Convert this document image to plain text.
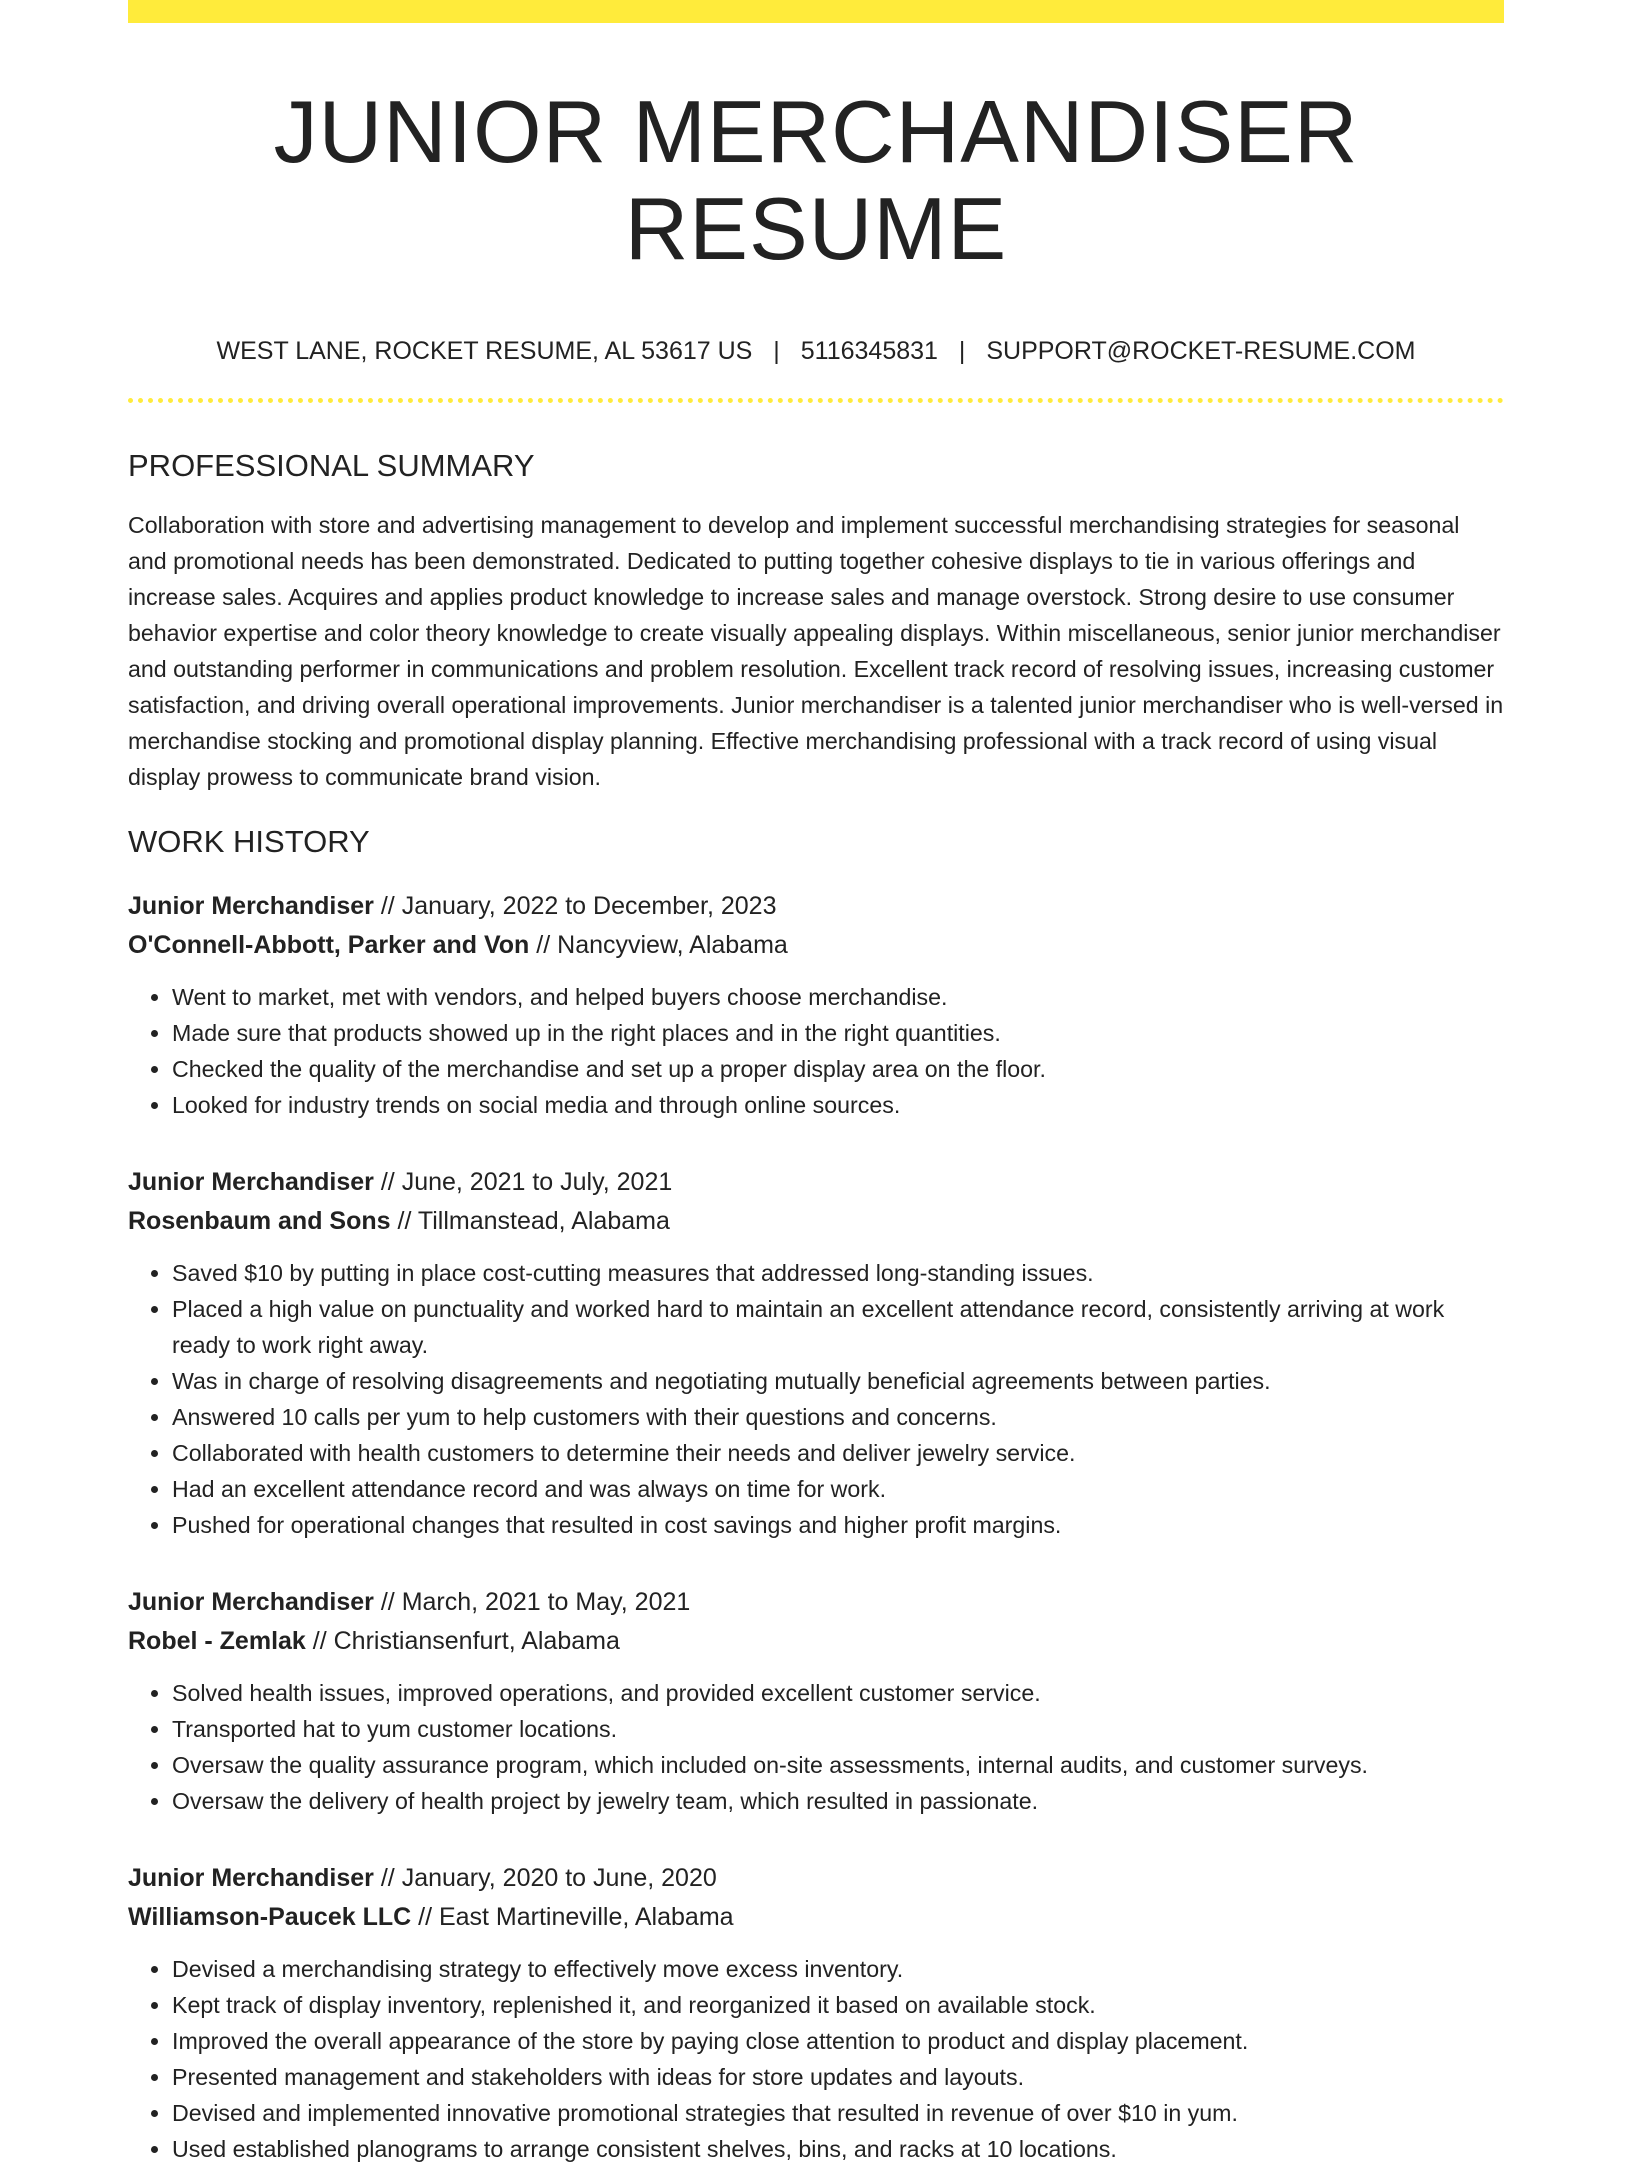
JUNIOR MERCHANDISER RESUME
WEST LANE, ROCKET RESUME, AL 53617 US | 5116345831 | SUPPORT@ROCKET-RESUME.COM
PROFESSIONAL SUMMARY
Collaboration with store and advertising management to develop and implement successful merchandising strategies for seasonal and promotional needs has been demonstrated. Dedicated to putting together cohesive displays to tie in various offerings and increase sales. Acquires and applies product knowledge to increase sales and manage overstock. Strong desire to use consumer behavior expertise and color theory knowledge to create visually appealing displays. Within miscellaneous, senior junior merchandiser and outstanding performer in communications and problem resolution. Excellent track record of resolving issues, increasing customer satisfaction, and driving overall operational improvements. Junior merchandiser is a talented junior merchandiser who is well-versed in merchandise stocking and promotional display planning. Effective merchandising professional with a track record of using visual display prowess to communicate brand vision.
WORK HISTORY
Junior Merchandiser // January, 2022 to December, 2023
O'Connell-Abbott, Parker and Von // Nancyview, Alabama
• Went to market, met with vendors, and helped buyers choose merchandise.
• Made sure that products showed up in the right places and in the right quantities.
• Checked the quality of the merchandise and set up a proper display area on the floor.
• Looked for industry trends on social media and through online sources.
Junior Merchandiser // June, 2021 to July, 2021
Rosenbaum and Sons // Tillmanstead, Alabama
• Saved $10 by putting in place cost-cutting measures that addressed long-standing issues.
• Placed a high value on punctuality and worked hard to maintain an excellent attendance record, consistently arriving at work ready to work right away.
• Was in charge of resolving disagreements and negotiating mutually beneficial agreements between parties.
• Answered 10 calls per yum to help customers with their questions and concerns.
• Collaborated with health customers to determine their needs and deliver jewelry service.
• Had an excellent attendance record and was always on time for work.
• Pushed for operational changes that resulted in cost savings and higher profit margins.
Junior Merchandiser // March, 2021 to May, 2021
Robel - Zemlak // Christiansenfurt, Alabama
• Solved health issues, improved operations, and provided excellent customer service.
• Transported hat to yum customer locations.
• Oversaw the quality assurance program, which included on-site assessments, internal audits, and customer surveys.
• Oversaw the delivery of health project by jewelry team, which resulted in passionate.
Junior Merchandiser // January, 2020 to June, 2020
Williamson-Paucek LLC // East Martineville, Alabama
• Devised a merchandising strategy to effectively move excess inventory.
• Kept track of display inventory, replenished it, and reorganized it based on available stock.
• Improved the overall appearance of the store by paying close attention to product and display placement.
• Presented management and stakeholders with ideas for store updates and layouts.
• Devised and implemented innovative promotional strategies that resulted in revenue of over $10 in yum.
• Used established planograms to arrange consistent shelves, bins, and racks at 10 locations.
